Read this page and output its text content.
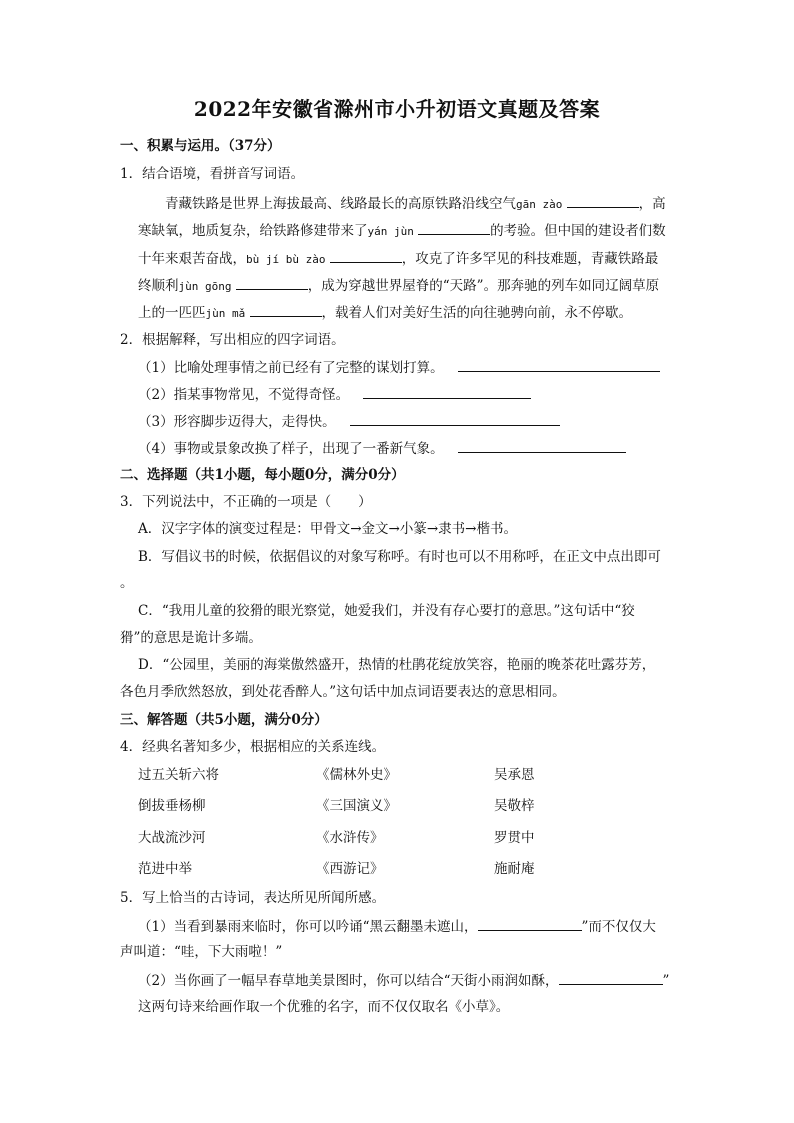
2022年安徽省滁州市小升初语文真题及答案
一、积累与运用。（37分）
1．结合语境，看拼音写词语。
青藏铁路是世界上海拔最高、线路最长的高原铁路沿线空气gān zào	，高
寒缺氧，地质复杂，给铁路修建带来了yán jùn	的考验。但中国的建设者们数
十年来艰苦奋战，bù jí bù zào	，攻克了许多罕见的科技难题，青藏铁路最
终顺利jùn gōng	，成为穿越世界屋脊的“天路”。那奔驰的列车如同辽阔草原
上的一匹匹jùn mǎ	，载着人们对美好生活的向往驰骋向前，永不停歇。
2．根据解释，写出相应的四字词语。
（1）比喻处理事情之前已经有了完整的谋划打算。
（2）指某事物常见，不觉得奇怪。
（3）形容脚步迈得大，走得快。
（4）事物或景象改换了样子，出现了一番新气象。
二、选择题（共1小题，每小题0分，满分0分）
3．下列说法中，不正确的一项是（　　）
A．汉字字体的演变过程是：甲骨文→金文→小篆→隶书→楷书。
B．写倡议书的时候，依据倡议的对象写称呼。有时也可以不用称呼，在正文中点出即可
。
C．“我用儿童的狡猾的眼光察觉，她爱我们，并没有存心要打的意思。”这句话中“狡
猾”的意思是诡计多端。
D．“公园里，美丽的海棠傲然盛开，热情的杜鹃花绽放笑容，艳丽的晚茶花吐露芬芳，
各色月季欣然怒放，到处花香醉人。”这句话中加点词语要表达的意思相同。
三、解答题（共5小题，满分0分）
4．经典名著知多少，根据相应的关系连线。
过五关斩六将	《儒林外史》	吴承恩
倒拔垂杨柳	《三国演义》	吴敬梓
大战流沙河	《水浒传》	罗贯中
范进中举	《西游记》	施耐庵
5．写上恰当的古诗词，表达所见所闻所感。
（1）当看到暴雨来临时，你可以吟诵“黑云翻墨未遮山，	”而不仅仅大
声叫道：“哇，下大雨啦！”
（2）当你画了一幅早春草地美景图时，你可以结合“天街小雨润如酥，	”
这两句诗来给画作取一个优雅的名字，而不仅仅取名《小草》。
